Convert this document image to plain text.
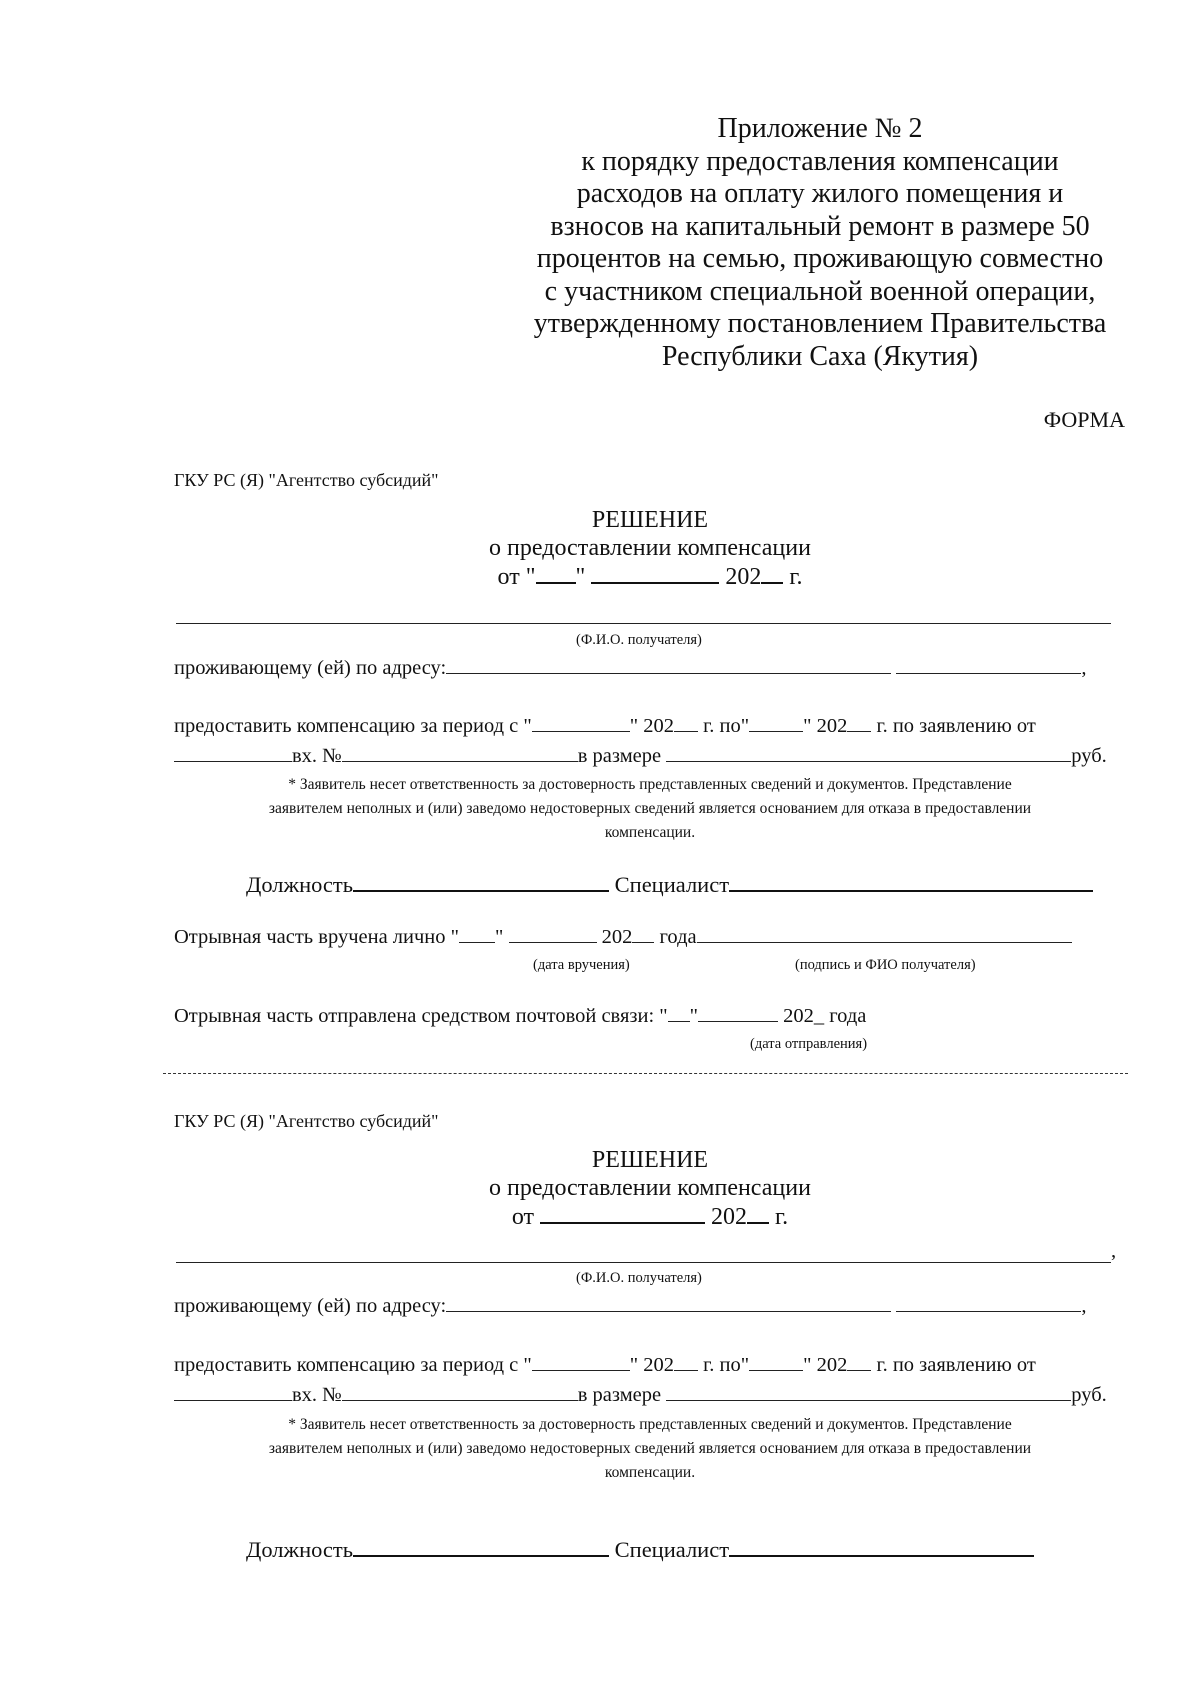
Приложение № 2
к порядку предоставления компенсации
расходов на оплату жилого помещения и
взносов на капитальный ремонт в размере 50
процентов на семью, проживающую совместно
с участником специальной военной операции,
утвержденному постановлением Правительства
Республики Саха (Якутия)
ФОРМА
ГКУ РС (Я) "Агентство субсидий"
РЕШЕНИЕ
о предоставлении компенсации
от " "	202 г.
(Ф.И.О. получателя)
проживающему (ей) по адресу:	,
предоставить компенсацию за период с "	" 202 г. по"	" 202 г. по заявлению от
вх. №	в размере	руб.
* Заявитель несет ответственность за достоверность представленных сведений и документов. Представление
заявителем неполных и (или) заведомо недостоверных сведений является основанием для отказа в предоставлении
компенсации.
Должность	Специалист
Отрывная часть вручена лично " "	202 года
(дата вручения)	(подпись и ФИО получателя)
Отрывная часть отправлена средством почтовой связи: " "	202_ года
(дата отправления)
ГКУ РС (Я) "Агентство субсидий"
РЕШЕНИЕ
о предоставлении компенсации
от	202 г.
,
(Ф.И.О. получателя)
проживающему (ей) по адресу:	,
предоставить компенсацию за период с "	" 202 г. по"	" 202 г. по заявлению от
вх. №	в размере	руб.
* Заявитель несет ответственность за достоверность представленных сведений и документов. Представление
заявителем неполных и (или) заведомо недостоверных сведений является основанием для отказа в предоставлении
компенсации.
Должность	Специалист
